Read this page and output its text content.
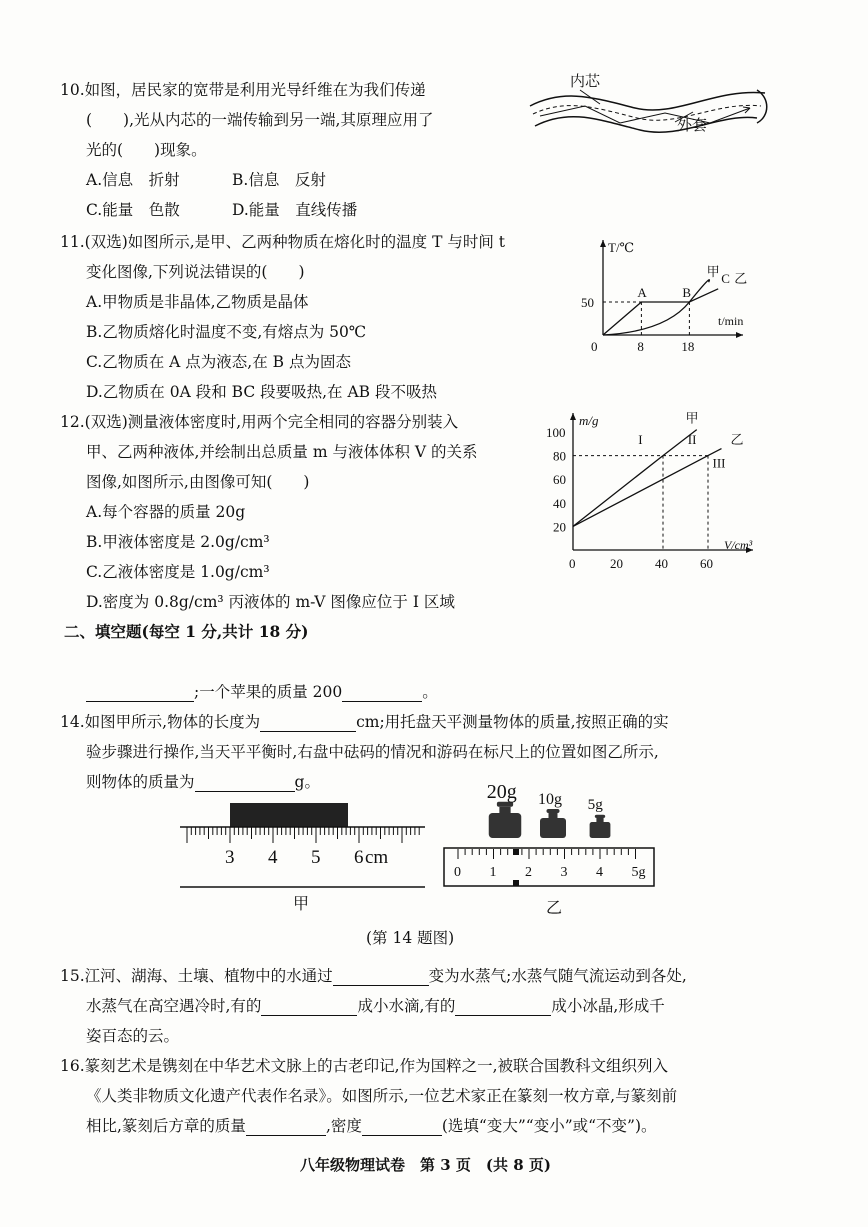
10.如图，居民家的宽带是利用光导纤维在为我们传递
(　　),光从内芯的一端传输到另一端,其原理应用了
光的(　　)现象。
A.信息　折射	B.信息　反射
C.能量　色散	D.能量　直线传播
内芯
外套
11.(双选)如图所示,是甲、乙两种物质在熔化时的温度 T 与时间 t
变化图像,下列说法错误的(　　)
A.甲物质是非晶体,乙物质是晶体
B.乙物质熔化时温度不变,有熔点为 50℃
C.乙物质在 A 点为液态,在 B 点为固态
D.乙物质在 0A 段和 BC 段要吸热,在 AB 段不吸热
T/℃
t/min
0	8	18
50
A	B
C 乙
甲
12.(双选)测量液体密度时,用两个完全相同的容器分别装入
甲、乙两种液体,并绘制出总质量 m 与液体体积 V 的关系
图像,如图所示,由图像可知(　　)
A.每个容器的质量 20g
B.甲液体密度是 2.0g/cm³
C.乙液体密度是 1.0g/cm³
D.密度为 0.8g/cm³ 丙液体的 m-V 图像应位于 I 区域
m/g
V/cm³
0	20 40 60
20
40
60
80
100
甲
乙
I	II
III
二、填空题(每空 1 分,共计 18 分)
;一个苹果的质量 200	。
14.如图甲所示,物体的长度为	cm;用托盘天平测量物体的质量,按照正确的实
验步骤进行操作,当天平平衡时,右盘中砝码的情况和游码在标尺上的位置如图乙所示,
则物体的质量为	g。
3 4 5 6 cm
甲
20g 10g 5g
0 1 2 3 4 5g
乙
(第 14 题图)
15.江河、湖海、土壤、植物中的水通过	变为水蒸气;水蒸气随气流运动到各处,
水蒸气在高空遇冷时,有的	成小水滴,有的	成小冰晶,形成千
姿百态的云。
16.篆刻艺术是镌刻在中华艺术文脉上的古老印记,作为国粹之一,被联合国教科文组织列入
《人类非物质文化遗产代表作名录》。如图所示,一位艺术家正在篆刻一枚方章,与篆刻前
相比,篆刻后方章的质量	,密度	(选填“变大”“变小”或“不变”)。
八年级物理试卷　第 3 页　(共 8 页)
